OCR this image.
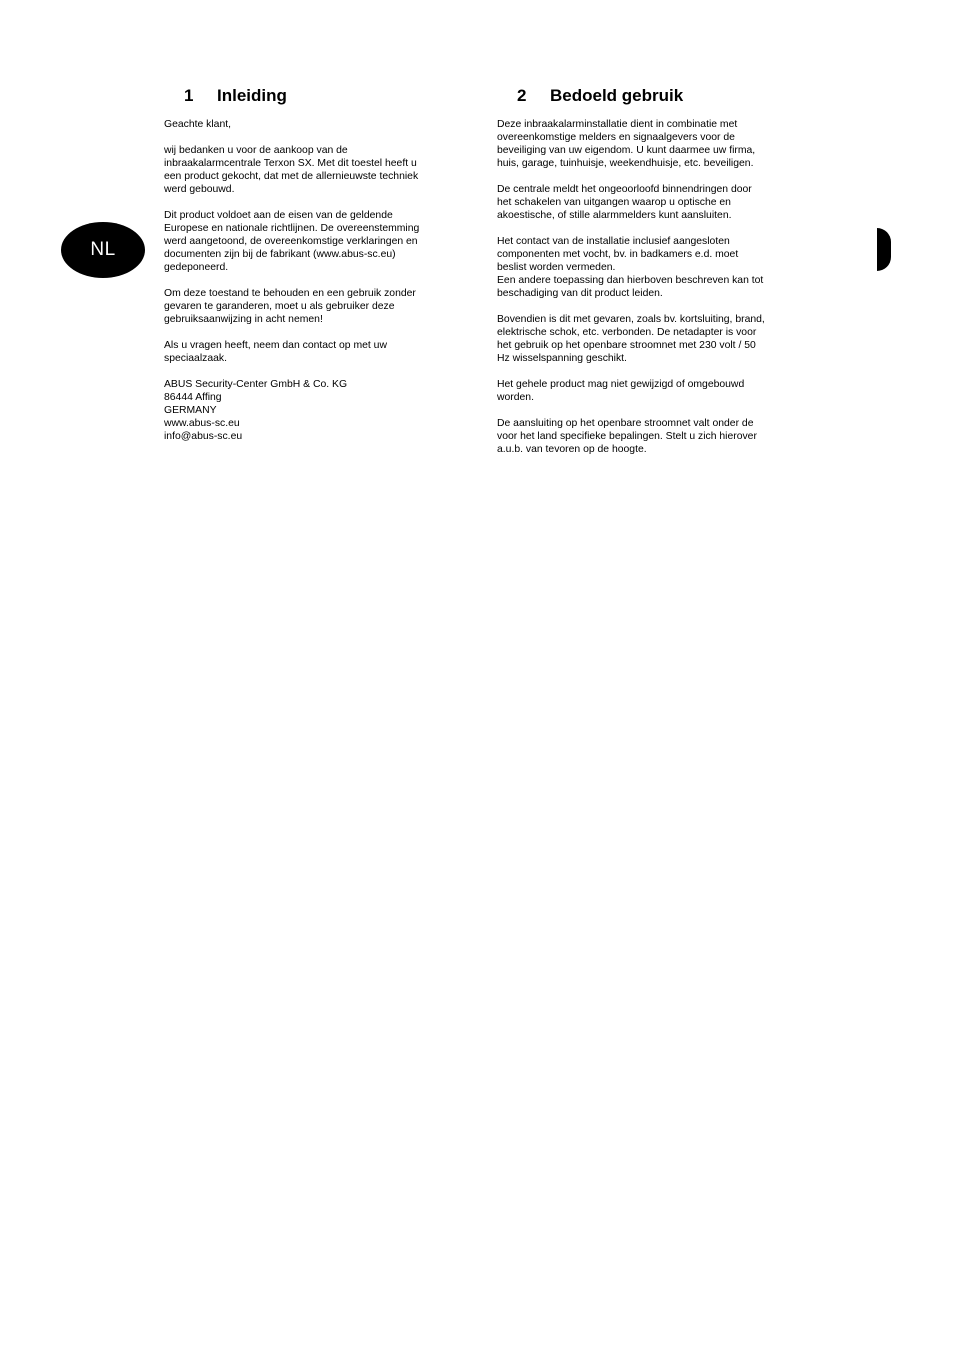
NL
1 Inleiding

Geachte klant,

wij bedanken u voor de aankoop van de
inbraakalarmcentrale Terxon SX. Met dit toestel heeft u
een product gekocht, dat met de allernieuwste techniek
werd gebouwd.

Dit product voldoet aan de eisen van de geldende
Europese en nationale richtlijnen. De overeenstemming
werd aangetoond, de overeenkomstige verklaringen en
documenten zijn bij de fabrikant (www.abus-sc.eu)
gedeponeerd.

Om deze toestand te behouden en een gebruik zonder
gevaren te garanderen, moet u als gebruiker deze
gebruiksaanwijzing in acht nemen!

Als u vragen heeft, neem dan contact op met uw
speciaalzaak.

ABUS Security-Center GmbH & Co. KG
86444 Affing
GERMANY
www.abus-sc.eu
info@abus-sc.eu

2 Bedoeld gebruik

Deze inbraakalarminstallatie dient in combinatie met
overeenkomstige melders en signaalgevers voor de
beveiliging van uw eigendom. U kunt daarmee uw firma,
huis, garage, tuinhuisje, weekendhuisje, etc. beveiligen.

De centrale meldt het ongeoorloofd binnendringen door
het schakelen van uitgangen waarop u optische en
akoestische, of stille alarmmelders kunt aansluiten.

Het contact van de installatie inclusief aangesloten
componenten met vocht, bv. in badkamers e.d. moet
beslist worden vermeden.
Een andere toepassing dan hierboven beschreven kan tot
beschadiging van dit product leiden.

Bovendien is dit met gevaren, zoals bv. kortsluiting, brand,
elektrische schok, etc. verbonden. De netadapter is voor
het gebruik op het openbare stroomnet met 230 volt / 50
Hz wisselspanning geschikt.

Het gehele product mag niet gewijzigd of omgebouwd
worden.

De aansluiting op het openbare stroomnet valt onder de
voor het land specifieke bepalingen. Stelt u zich hierover
a.u.b. van tevoren op de hoogte.
